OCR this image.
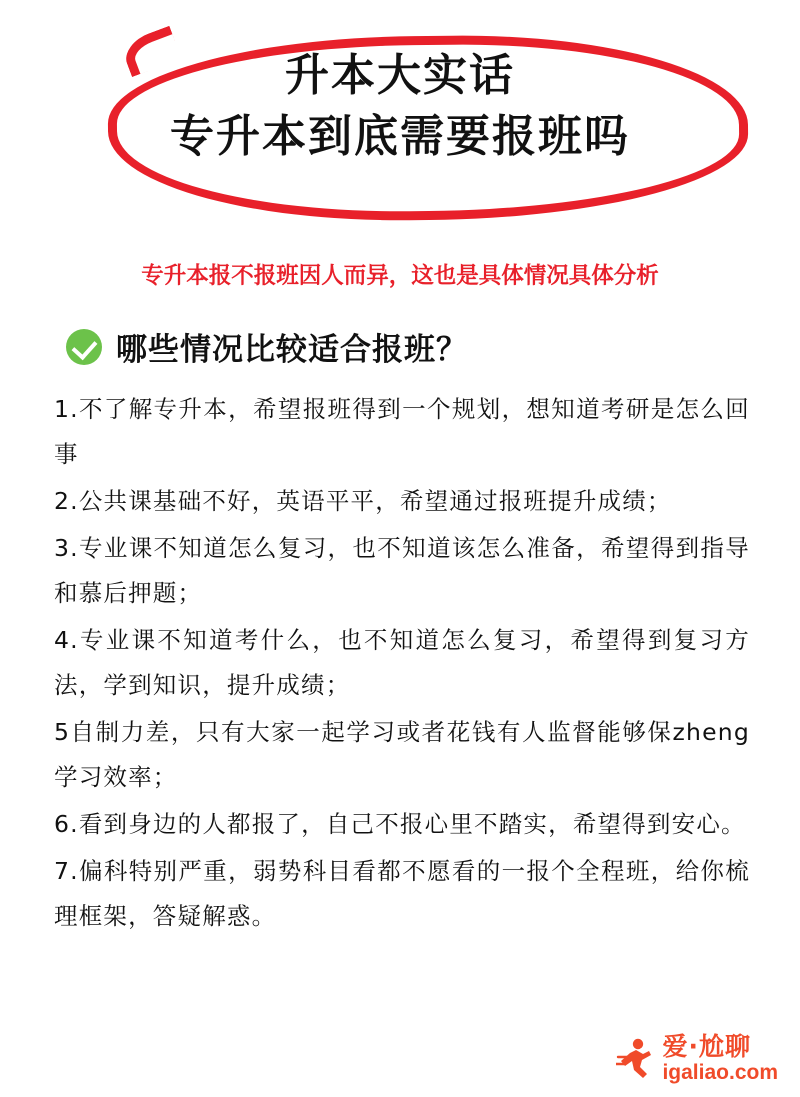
升本大实话
专升本到底需要报班吗
专升本报不报班因人而异，这也是具体情况具体分析
哪些情况比较适合报班？
1.不了解专升本，希望报班得到一个规划，想知道考研是怎么回事
2.公共课基础不好，英语平平，希望通过报班提升成绩；
3.专业课不知道怎么复习，也不知道该怎么准备，希望得到指导和慕后押题；
4.专业课不知道考什么，也不知道怎么复习，希望得到复习方法，学到知识，提升成绩；
5自制力差，只有大家一起学习或者花钱有人监督能够保zheng学习效率；
6.看到身边的人都报了，自己不报心里不踏实，希望得到安心。
7.偏科特别严重，弱势科目看都不愿看的一报个全程班，给你梳理框架，答疑解惑。
爱·尬聊
igaliao.com
